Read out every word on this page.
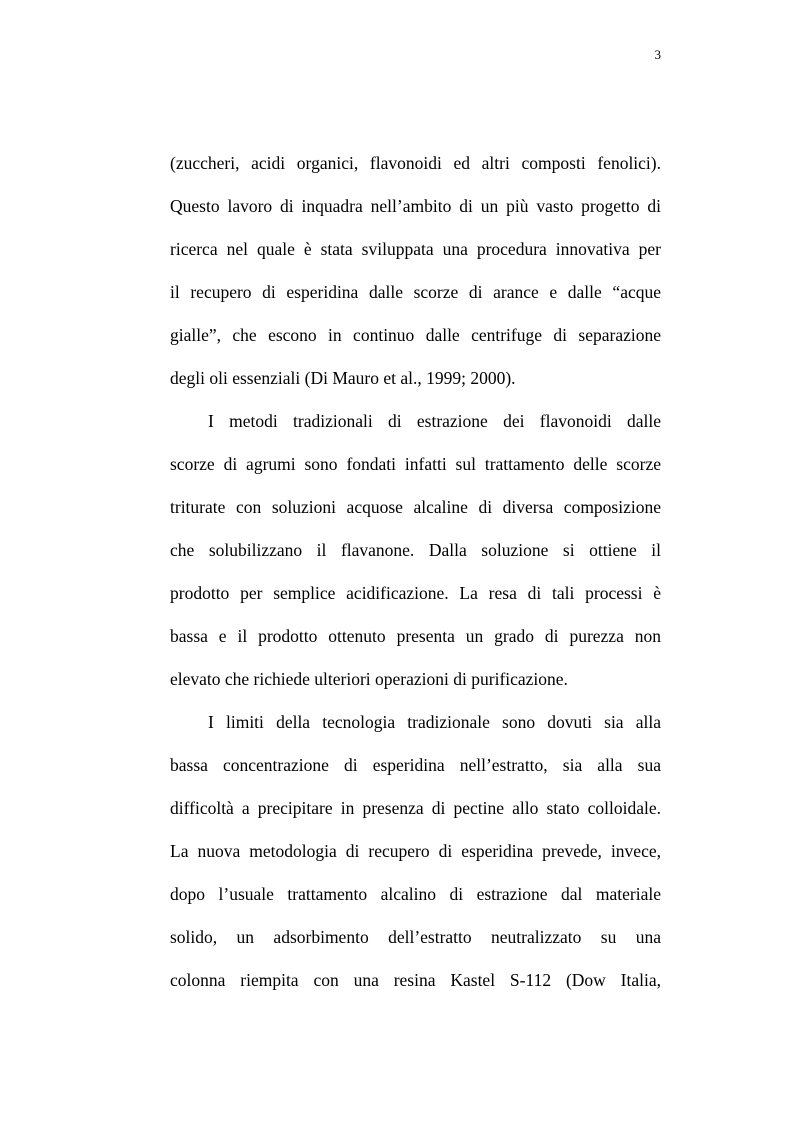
3
(zuccheri, acidi organici, flavonoidi ed altri composti fenolici).
Questo lavoro di inquadra nell’ambito di un più vasto progetto di
ricerca nel quale è stata sviluppata una procedura innovativa per
il recupero di esperidina dalle scorze di arance e dalle “acque
gialle”, che escono in continuo dalle centrifuge di separazione
degli oli essenziali (Di Mauro et al., 1999; 2000).
I metodi tradizionali di estrazione dei flavonoidi dalle
scorze di agrumi sono fondati infatti sul trattamento delle scorze
triturate con soluzioni acquose alcaline di diversa composizione
che solubilizzano il flavanone. Dalla soluzione si ottiene il
prodotto per semplice acidificazione. La resa di tali processi è
bassa e il prodotto ottenuto presenta un grado di purezza non
elevato che richiede ulteriori operazioni di purificazione.
I limiti della tecnologia tradizionale sono dovuti sia alla
bassa concentrazione di esperidina nell’estratto, sia alla sua
difficoltà a precipitare in presenza di pectine allo stato colloidale.
La nuova metodologia di recupero di esperidina prevede, invece,
dopo l’usuale trattamento alcalino di estrazione dal materiale
solido, un adsorbimento dell’estratto neutralizzato su una
colonna riempita con una resina Kastel S-112 (Dow Italia,
